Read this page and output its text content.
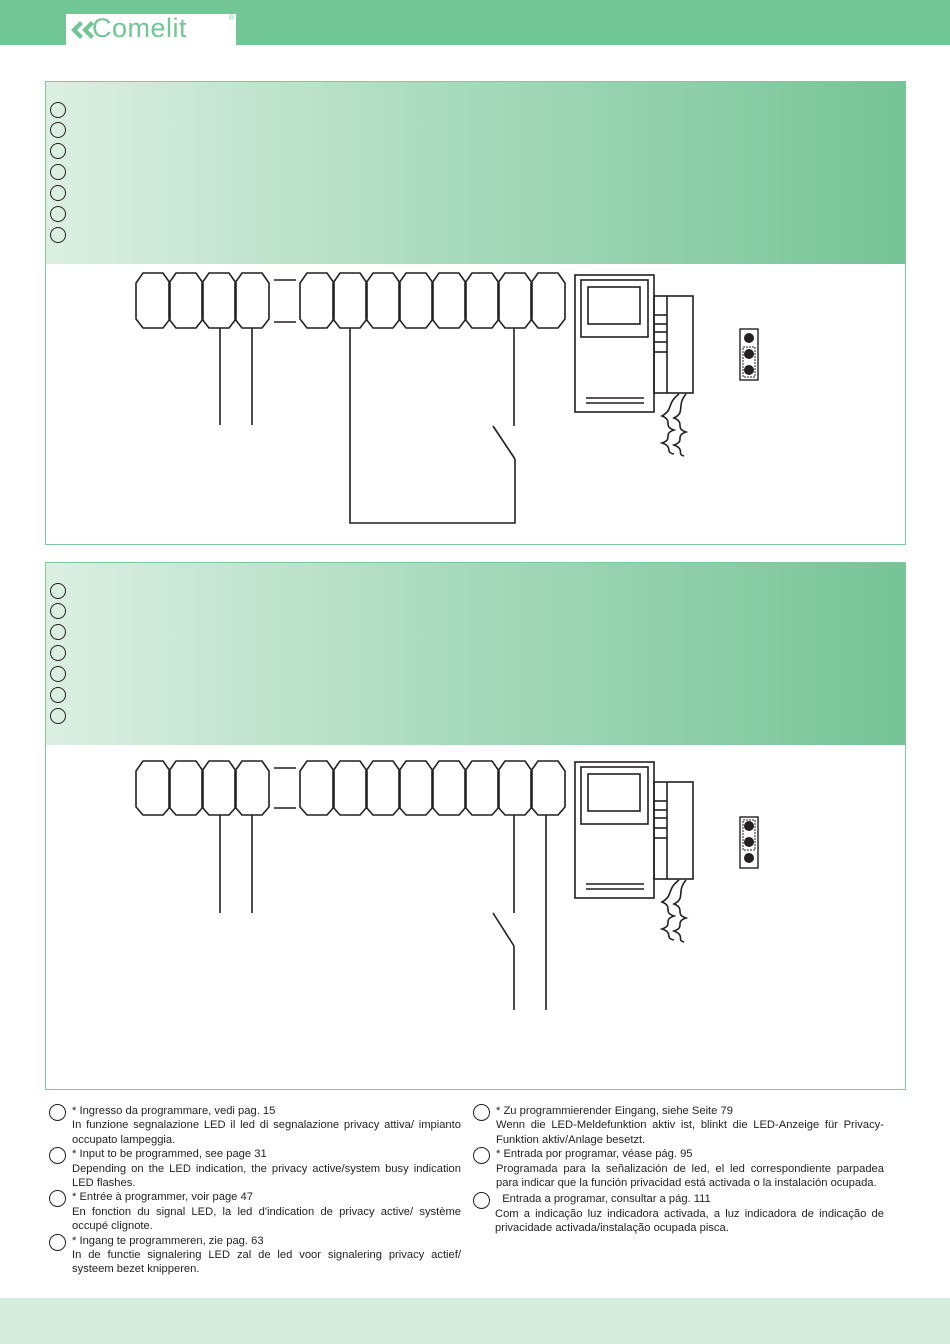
Comelit	®
* Ingresso da programmare, vedi pag. 15
In funzione segnalazione LED il led di segnalazione privacy attiva/ impianto occupato lampeggia.
* Input to be programmed, see page 31
Depending on the LED indication, the privacy active/system busy indication LED flashes.
* Entrée à programmer, voir page 47
En fonction du signal LED, la led d'indication de privacy active/ système occupé clignote.
* Ingang te programmeren, zie pag. 63
In de functie signalering LED zal de led voor signalering privacy actief/ systeem bezet knipperen.
* Zu programmierender Eingang, siehe Seite 79
Wenn die LED-Meldefunktion aktiv ist, blinkt die LED-Anzeige für Privacy-Funktion aktiv/Anlage besetzt.
* Entrada por programar, véase pág. 95
Programada para la señalización de led, el led correspondiente parpadea para indicar que la función privacidad está activada o la instalación ocupada.
Entrada a programar, consultar a pág. 111
Com a indicação luz indicadora activada, a luz indicadora de indicação de privacidade activada/instalação ocupada pisca.
